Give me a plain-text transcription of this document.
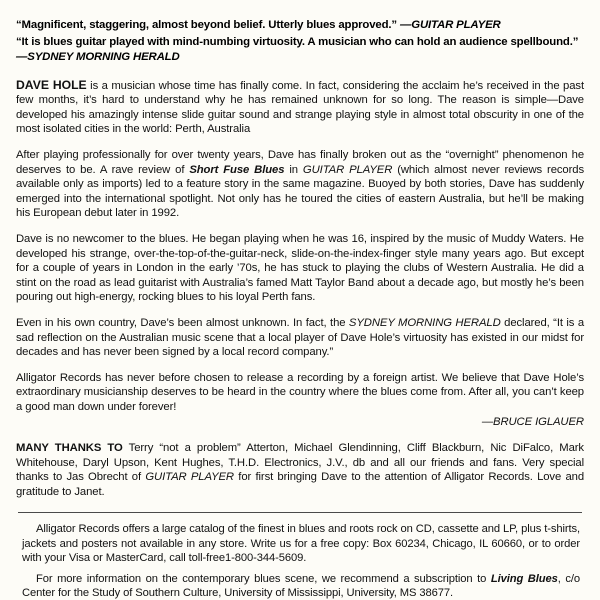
“Magnificent, staggering, almost beyond belief. Utterly blues approved.” —GUITAR PLAYER
“It is blues guitar played with mind-numbing virtuosity. A musician who can hold an audience spellbound.” —SYDNEY MORNING HERALD

DAVE HOLE is a musician whose time has finally come. In fact, considering the acclaim he’s received in the past few months, it’s hard to understand why he has remained unknown for so long. The reason is simple—Dave developed his amazingly intense slide guitar sound and strange playing style in almost total obscurity in one of the most isolated cities in the world: Perth, Australia

After playing professionally for over twenty years, Dave has finally broken out as the “overnight” phenomenon he deserves to be. A rave review of Short Fuse Blues in GUITAR PLAYER (which almost never reviews records available only as imports) led to a feature story in the same magazine. Buoyed by both stories, Dave has suddenly emerged into the international spotlight. Not only has he toured the cities of eastern Australia, but he’ll be making his European debut later in 1992.

Dave is no newcomer to the blues. He began playing when he was 16, inspired by the music of Muddy Waters. He developed his strange, over-the-top-of-the-guitar-neck, slide-on-the-index-finger style many years ago. But except for a couple of years in London in the early ’70s, he has stuck to playing the clubs of Western Australia. He did a stint on the road as lead guitarist with Australia’s famed Matt Taylor Band about a decade ago, but mostly he’s been pouring out high-energy, rocking blues to his loyal Perth fans.

Even in his own country, Dave’s been almost unknown. In fact, the SYDNEY MORNING HERALD declared, “It is a sad reflection on the Australian music scene that a local player of Dave Hole’s virtuosity has existed in our midst for decades and has never been signed by a local record company.”

Alligator Records has never before chosen to release a recording by a foreign artist. We believe that Dave Hole’s extraordinary musicianship deserves to be heard in the country where the blues come from. After all, you can’t keep a good man down under forever!
—BRUCE IGLAUER

MANY THANKS TO Terry “not a problem” Atterton, Michael Glendinning, Cliff Blackburn, Nic DiFalco, Mark Whitehouse, Daryl Upson, Kent Hughes, T.H.D. Electronics, J.V., db and all our friends and fans. Very special thanks to Jas Obrecht of GUITAR PLAYER for first bringing Dave to the attention of Alligator Records. Love and gratitude to Janet.

Alligator Records offers a large catalog of the finest in blues and roots rock on CD, cassette and LP, plus t-shirts, jackets and posters not available in any store. Write us for a free copy: Box 60234, Chicago, IL 60660, or to order with your Visa or MasterCard, call toll-free1-800-344-5609.

For more information on the contemporary blues scene, we recommend a subscription to Living Blues, c/o Center for the Study of Southern Culture, University of Mississippi, University, MS 38677.
